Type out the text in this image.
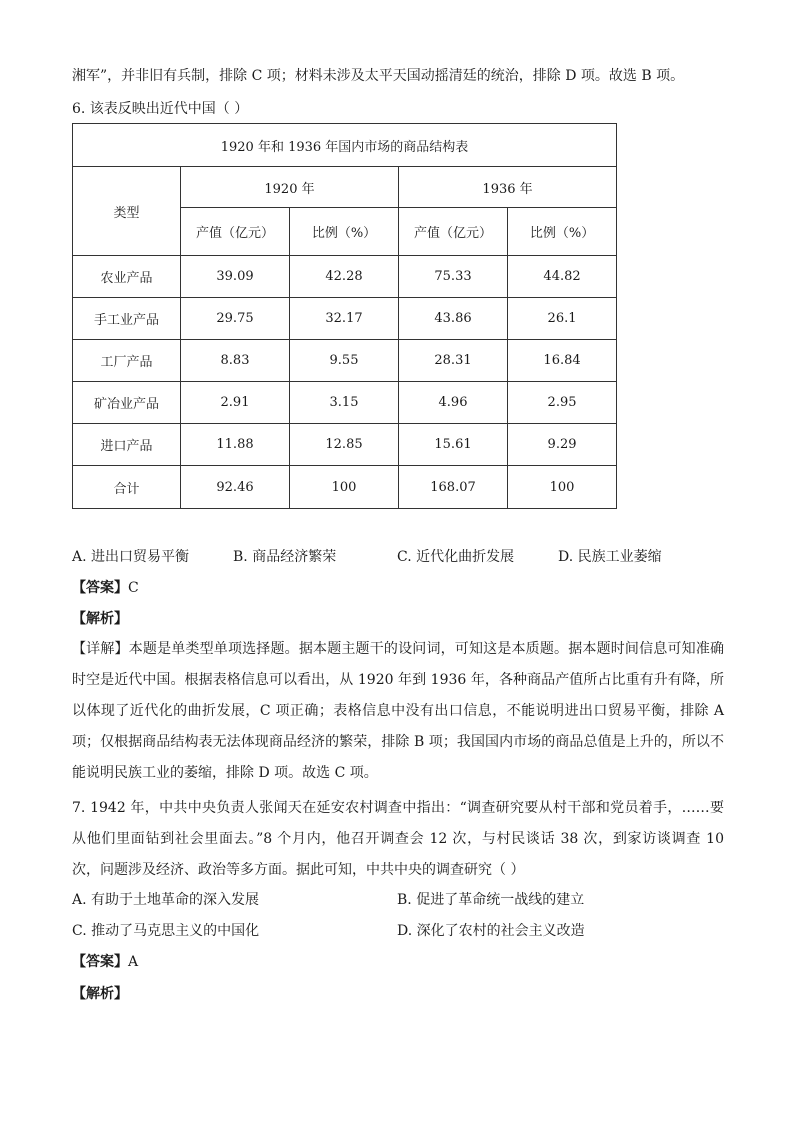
湘军”，并非旧有兵制，排除 C 项；材料未涉及太平天国动摇清廷的统治，排除 D 项。故选 B 项。
6. 该表反映出近代中国（ ）
1920 年和 1936 年国内市场的商品结构表				
类型	1920 年		1936 年	
	产值（亿元）	比例（%）	产值（亿元）	比例（%）
农业产品	39.09	42.28	75.33	44.82
手工业产品	29.75	32.17	43.86	26.1
工厂产品	8.83	9.55	28.31	16.84
矿冶业产品	2.91	3.15	4.96	2.95
进口产品	11.88	12.85	15.61	9.29
合计	92.46	100	168.07	100
A. 进出口贸易平衡	B. 商品经济繁荣	C. 近代化曲折发展	D. 民族工业萎缩
【答案】C
【解析】
【详解】本题是单类型单项选择题。据本题主题干的设问词，可知这是本质题。据本题时间信息可知准确时空是近代中国。根据表格信息可以看出，从 1920 年到 1936 年，各种商品产值所占比重有升有降，所以体现了近代化的曲折发展，C 项正确；表格信息中没有出口信息，不能说明进出口贸易平衡，排除 A 项；仅根据商品结构表无法体现商品经济的繁荣，排除 B 项；我国国内市场的商品总值是上升的，所以不能说明民族工业的萎缩，排除 D 项。故选 C 项。
7. 1942 年，中共中央负责人张闻天在延安农村调查中指出：“调查研究要从村干部和党员着手，……要从他们里面钻到社会里面去。”8 个月内，他召开调查会 12 次，与村民谈话 38 次，到家访谈调查 10 次，问题涉及经济、政治等多方面。据此可知，中共中央的调查研究（ ）
A. 有助于土地革命的深入发展	B. 促进了革命统一战线的建立
C. 推动了马克思主义的中国化	D. 深化了农村的社会主义改造
【答案】A
【解析】
